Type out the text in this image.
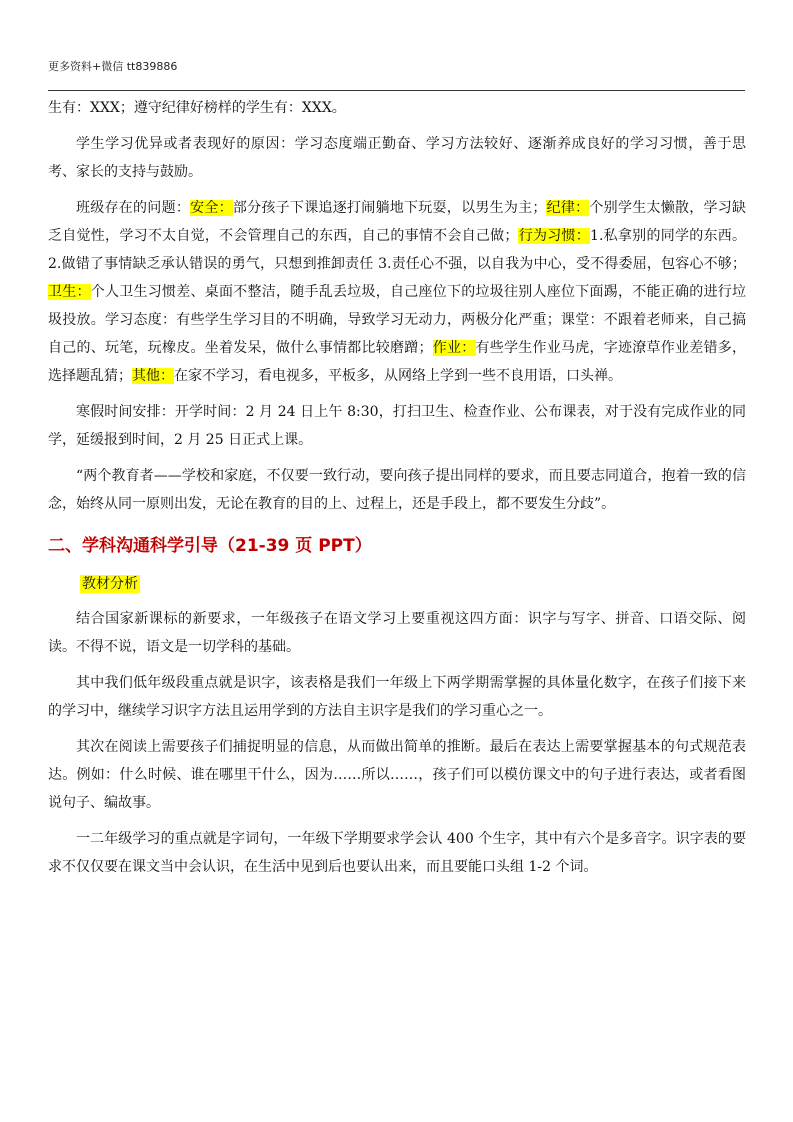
更多资料+微信 tt839886

生有：XXX；遵守纪律好榜样的学生有：XXX。

学生学习优异或者表现好的原因：学习态度端正勤奋、学习方法较好、逐渐养成良好的学习习惯，善于思考、家长的支持与鼓励。

班级存在的问题：安全：部分孩子下课追逐打闹躺地下玩耍，以男生为主；纪律：个别学生太懒散，学习缺乏自觉性，学习不太自觉，不会管理自己的东西，自己的事情不会自己做；行为习惯：1.私拿别的同学的东西。2.做错了事情缺乏承认错误的勇气，只想到推卸责任 3.责任心不强，以自我为中心，受不得委屈，包容心不够；卫生：个人卫生习惯差、桌面不整洁，随手乱丢垃圾，自己座位下的垃圾往别人座位下面踢，不能正确的进行垃圾投放。学习态度：有些学生学习目的不明确，导致学习无动力，两极分化严重；课堂：不跟着老师来，自己搞自己的、玩笔，玩橡皮。坐着发呆，做什么事情都比较磨蹭；作业：有些学生作业马虎，字迹潦草作业差错多，选择题乱猜；其他：在家不学习，看电视多，平板多，从网络上学到一些不良用语，口头禅。

寒假时间安排：开学时间：2 月 24 日上午 8:30，打扫卫生、检查作业、公布课表，对于没有完成作业的同学，延缓报到时间，2 月 25 日正式上课。

“两个教育者——学校和家庭，不仅要一致行动，要向孩子提出同样的要求，而且要志同道合，抱着一致的信念，始终从同一原则出发，无论在教育的目的上、过程上，还是手段上，都不要发生分歧”。

二、学科沟通科学引导（21-39 页 PPT）
教材分析

结合国家新课标的新要求，一年级孩子在语文学习上要重视这四方面：识字与写字、拼音、口语交际、阅读。不得不说，语文是一切学科的基础。

其中我们低年级段重点就是识字，该表格是我们一年级上下两学期需掌握的具体量化数字，在孩子们接下来的学习中，继续学习识字方法且运用学到的方法自主识字是我们的学习重心之一。

其次在阅读上需要孩子们捕捉明显的信息，从而做出简单的推断。最后在表达上需要掌握基本的句式规范表达。例如：什么时候、谁在哪里干什么，因为……所以……，孩子们可以模仿课文中的句子进行表达，或者看图说句子、编故事。

一二年级学习的重点就是字词句，一年级下学期要求学会认 400 个生字，其中有六个是多音字。识字表的要求不仅仅要在课文当中会认识，在生活中见到后也要认出来，而且要能口头组 1-2 个词。
